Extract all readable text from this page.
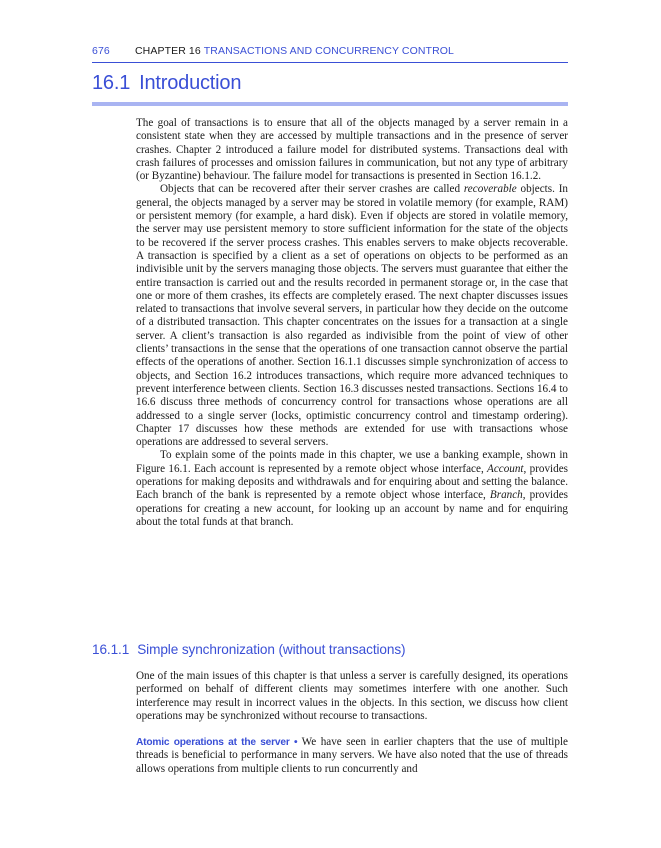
676 CHAPTER 16 TRANSACTIONS AND CONCURRENCY CONTROL
16.1 Introduction

The goal of transactions is to ensure that all of the objects managed by a server remain in a consistent state when they are accessed by multiple transactions and in the presence of server crashes. Chapter 2 introduced a failure model for distributed systems. Transactions deal with crash failures of processes and omission failures in communication, but not any type of arbitrary (or Byzantine) behaviour. The failure model for transactions is presented in Section 16.1.2.

Objects that can be recovered after their server crashes are called recoverable objects. In general, the objects managed by a server may be stored in volatile memory (for example, RAM) or persistent memory (for example, a hard disk). Even if objects are stored in volatile memory, the server may use persistent memory to store sufficient information for the state of the objects to be recovered if the server process crashes. This enables servers to make objects recoverable. A transaction is specified by a client as a set of operations on objects to be performed as an indivisible unit by the servers managing those objects. The servers must guarantee that either the entire transaction is carried out and the results recorded in permanent storage or, in the case that one or more of them crashes, its effects are completely erased. The next chapter discusses issues related to transactions that involve several servers, in particular how they decide on the outcome of a distributed transaction. This chapter concentrates on the issues for a transaction at a single server. A client’s transaction is also regarded as indivisible from the point of view of other clients’ transactions in the sense that the operations of one transaction cannot observe the partial effects of the operations of another. Section 16.1.1 discusses simple synchronization of access to objects, and Section 16.2 introduces transactions, which require more advanced techniques to prevent interference between clients. Section 16.3 discusses nested transactions. Sections 16.4 to 16.6 discuss three methods of concurrency control for transactions whose operations are all addressed to a single server (locks, optimistic concurrency control and timestamp ordering). Chapter 17 discusses how these methods are extended for use with transactions whose operations are addressed to several servers.

To explain some of the points made in this chapter, we use a banking example, shown in Figure 16.1. Each account is represented by a remote object whose interface, Account, provides operations for making deposits and withdrawals and for enquiring about and setting the balance. Each branch of the bank is represented by a remote object whose interface, Branch, provides operations for creating a new account, for looking up an account by name and for enquiring about the total funds at that branch.

16.1.1 Simple synchronization (without transactions)

One of the main issues of this chapter is that unless a server is carefully designed, its operations performed on behalf of different clients may sometimes interfere with one another. Such interference may result in incorrect values in the objects. In this section, we discuss how client operations may be synchronized without recourse to transactions.

Atomic operations at the server • We have seen in earlier chapters that the use of multiple threads is beneficial to performance in many servers. We have also noted that the use of threads allows operations from multiple clients to run concurrently and
